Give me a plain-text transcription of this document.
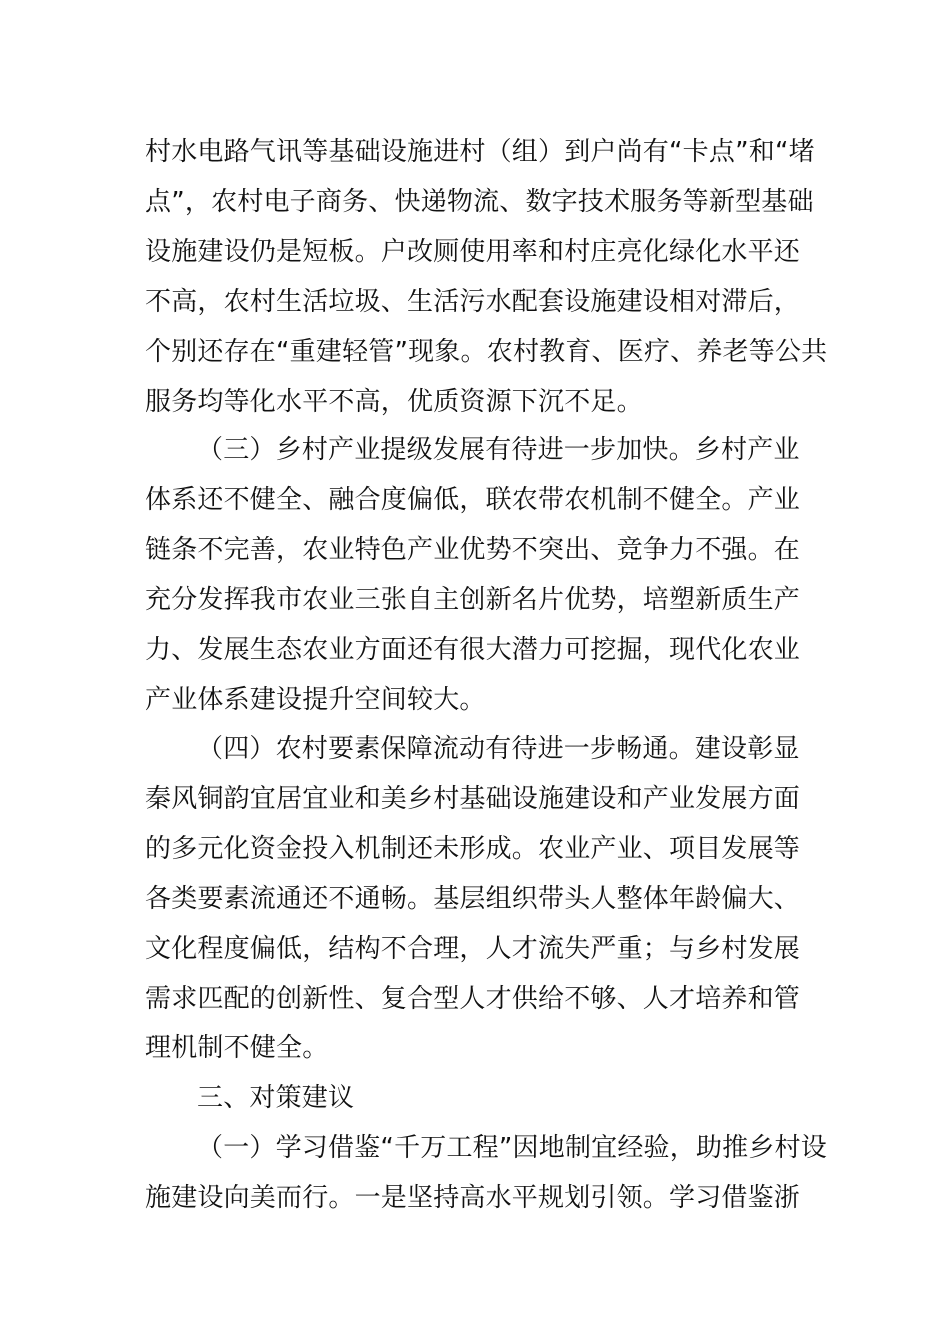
村水电路气讯等基础设施进村（组）到户尚有“卡点”和“堵
点”，农村电子商务、快递物流、数字技术服务等新型基础
设施建设仍是短板。户改厕使用率和村庄亮化绿化水平还
不高，农村生活垃圾、生活污水配套设施建设相对滞后，
个别还存在“重建轻管”现象。农村教育、医疗、养老等公共
服务均等化水平不高，优质资源下沉不足。
（三）乡村产业提级发展有待进一步加快。乡村产业
体系还不健全、融合度偏低，联农带农机制不健全。产业
链条不完善，农业特色产业优势不突出、竞争力不强。在
充分发挥我市农业三张自主创新名片优势，培塑新质生产
力、发展生态农业方面还有很大潜力可挖掘，现代化农业
产业体系建设提升空间较大。
（四）农村要素保障流动有待进一步畅通。建设彰显
秦风铜韵宜居宜业和美乡村基础设施建设和产业发展方面
的多元化资金投入机制还未形成。农业产业、项目发展等
各类要素流通还不通畅。基层组织带头人整体年龄偏大、
文化程度偏低，结构不合理，人才流失严重；与乡村发展
需求匹配的创新性、复合型人才供给不够、人才培养和管
理机制不健全。
三、对策建议
（一）学习借鉴“千万工程”因地制宜经验，助推乡村设
施建设向美而行。一是坚持高水平规划引领。学习借鉴浙
